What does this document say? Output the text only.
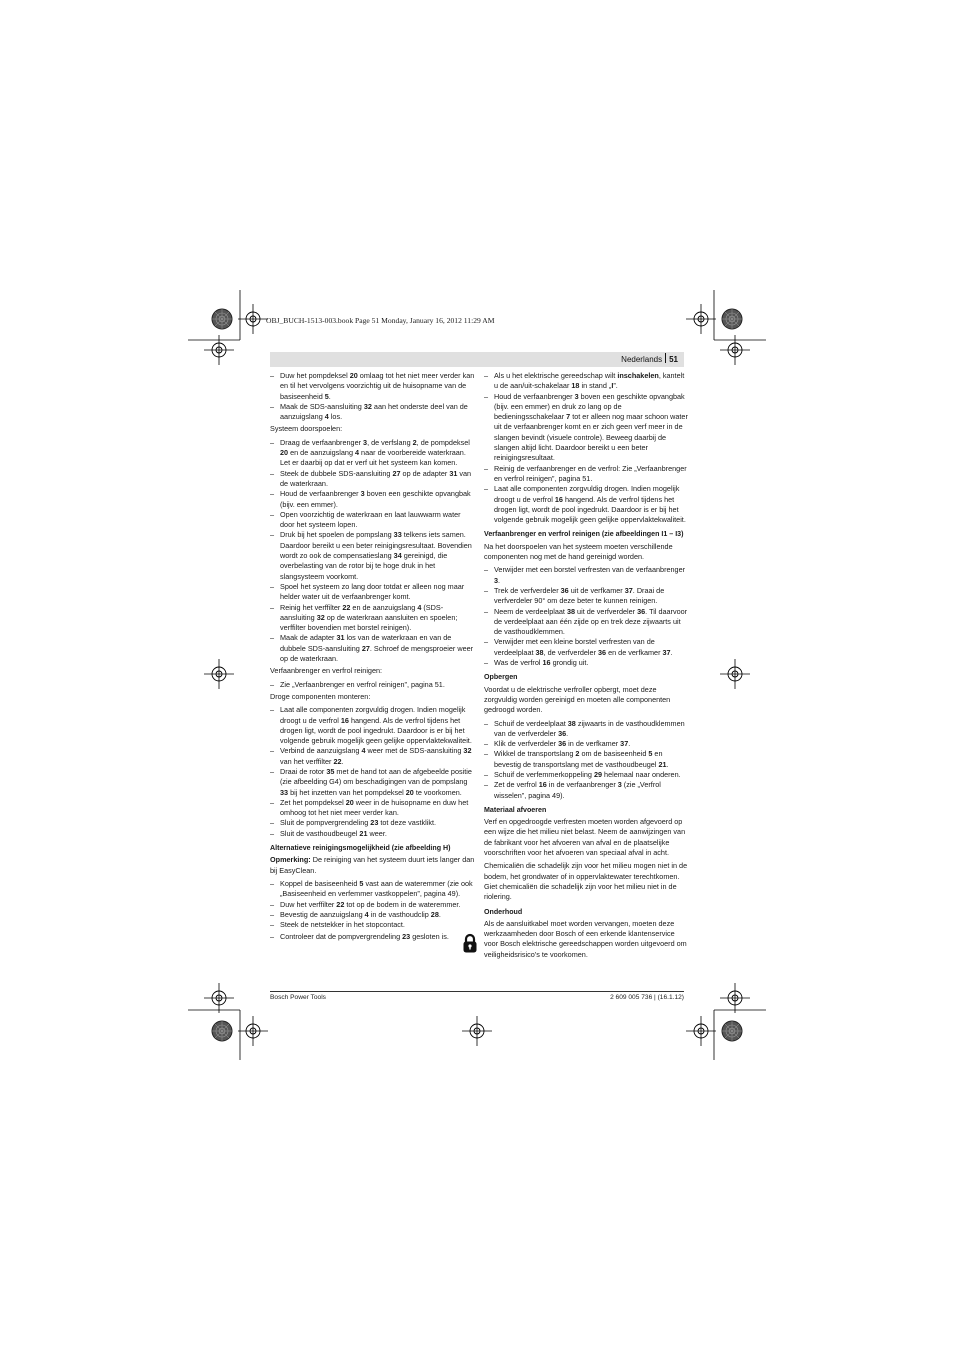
OBJ_BUCH-1513-003.book Page 51 Monday, January 16, 2012 11:29 AM
Nederlands 51
– Duw het pompdeksel 20 omlaag tot het niet meer verder kan en til het vervolgens voorzichtig uit de huisopname van de basiseenheid 5.
– Maak de SDS-aansluiting 32 aan het onderste deel van de aanzuigslang 4 los.

Systeem doorspoelen:

– Draag de verfaanbrenger 3, de verfslang 2, de pompdeksel 20 en de aanzuigslang 4 naar de voorbereide waterkraan. Let er daarbij op dat er verf uit het systeem kan komen.
– Steek de dubbele SDS-aansluiting 27 op de adapter 31 van de waterkraan.
– Houd de verfaanbrenger 3 boven een geschikte opvangbak (bijv. een emmer).
– Open voorzichtig de waterkraan en laat lauwwarm water door het systeem lopen.
– Druk bij het spoelen de pompslang 33 telkens iets samen. Daardoor bereikt u een beter reinigingsresultaat. Bovendien wordt zo ook de compensatieslang 34 gereinigd, die overbelasting van de rotor bij te hoge druk in het slangsysteem voorkomt.
– Spoel het systeem zo lang door totdat er alleen nog maar helder water uit de verfaanbrenger komt.
– Reinig het verffilter 22 en de aanzuigslang 4 (SDS-aansluiting 32 op de waterkraan aansluiten en spoelen; verffilter bovendien met borstel reinigen).
– Maak de adapter 31 los van de waterkraan en van de dubbele SDS-aansluiting 27. Schroef de mengsproeier weer op de waterkraan.

Verfaanbrenger en verfrol reinigen:

– Zie „Verfaanbrenger en verfrol reinigen”, pagina 51.

Droge componenten monteren:

– Laat alle componenten zorgvuldig drogen. Indien mogelijk droogt u de verfrol 16 hangend. Als de verfrol tijdens het drogen ligt, wordt de pool ingedrukt. Daardoor is er bij het volgende gebruik mogelijk geen gelijke oppervlaktekwaliteit.
– Verbind de aanzuigslang 4 weer met de SDS-aansluiting 32 van het verffilter 22.
– Draai de rotor 35 met de hand tot aan de afgebeelde positie (zie afbeelding G4) om beschadigingen van de pompslang 33 bij het inzetten van het pompdeksel 20 te voorkomen.
– Zet het pompdeksel 20 weer in de huisopname en duw het omhoog tot het niet meer verder kan.
– Sluit de pompvergrendeling 23 tot deze vastklikt.
– Sluit de vasthoudbeugel 21 weer.

Alternatieve reinigingsmogelijkheid (zie afbeelding H)

Opmerking: De reiniging van het systeem duurt iets langer dan bij EasyClean.

– Koppel de basiseenheid 5 vast aan de wateremmer (zie ook „Basiseenheid en verfemmer vastkoppelen”, pagina 49).
– Duw het verffilter 22 tot op de bodem in de wateremmer.
– Bevestig de aanzuigslang 4 in de vasthoudclip 28.
– Steek de netstekker in het stopcontact.
– Controleer dat de pompvergrendeling 23 gesloten is.
– Als u het elektrische gereedschap wilt inschakelen, kantelt u de aan/uit-schakelaar 18 in stand „I”.
– Houd de verfaanbrenger 3 boven een geschikte opvangbak (bijv. een emmer) en druk zo lang op de bedieningsschakelaar 7 tot er alleen nog maar schoon water uit de verfaanbrenger komt en er zich geen verf meer in de slangen bevindt (visuele controle). Beweeg daarbij de slangen altijd licht. Daardoor bereikt u een beter reinigingsresultaat.
– Reinig de verfaanbrenger en de verfrol: Zie „Verfaanbrenger en verfrol reinigen”, pagina 51.
– Laat alle componenten zorgvuldig drogen. Indien mogelijk droogt u de verfrol 16 hangend. Als de verfrol tijdens het drogen ligt, wordt de pool ingedrukt. Daardoor is er bij het volgende gebruik mogelijk geen gelijke oppervlaktekwaliteit.

Verfaanbrenger en verfrol reinigen (zie afbeeldingen I1 – I3)

Na het doorspoelen van het systeem moeten verschillende componenten nog met de hand gereinigd worden.

– Verwijder met een borstel verfresten van de verfaanbrenger 3.
– Trek de verfverdeler 36 uit de verfkamer 37. Draai de verfverdeler 90° om deze beter te kunnen reinigen.
– Neem de verdeelplaat 38 uit de verfverdeler 36. Til daarvoor de verdeelplaat aan één zijde op en trek deze zijwaarts uit de vasthoudklemmen.
– Verwijder met een kleine borstel verfresten van de verdeelplaat 38, de verfverdeler 36 en de verfkamer 37.
– Was de verfrol 16 grondig uit.

Opbergen

Voordat u de elektrische verfroller opbergt, moet deze zorgvuldig worden gereinigd en moeten alle componenten gedroogd worden.

– Schuif de verdeelplaat 38 zijwaarts in de vasthoudklemmen van de verfverdeler 36.
– Klik de verfverdeler 36 in de verfkamer 37.
– Wikkel de transportslang 2 om de basiseenheid 5 en bevestig de transportslang met de vasthoudbeugel 21.
– Schuif de verfemmerkoppeling 29 helemaal naar onderen.
– Zet de verfrol 16 in de verfaanbrenger 3 (zie „Verfrol wisselen”, pagina 49).

Materiaal afvoeren

Verf en opgedroogde verfresten moeten worden afgevoerd op een wijze die het milieu niet belast. Neem de aanwijzingen van de fabrikant voor het afvoeren van afval en de plaatselijke voorschriften voor het afvoeren van speciaal afval in acht.

Chemicaliën die schadelijk zijn voor het milieu mogen niet in de bodem, het grondwater of in oppervlaktewater terechtkomen. Giet chemicaliën die schadelijk zijn voor het milieu niet in de riolering.

Onderhoud

Als de aansluitkabel moet worden vervangen, moeten deze werkzaamheden door Bosch of een erkende klantenservice voor Bosch elektrische gereedschappen worden uitgevoerd om veiligheidsrisico’s te voorkomen.

Bosch Power Tools	2 609 005 736 | (16.1.12)
